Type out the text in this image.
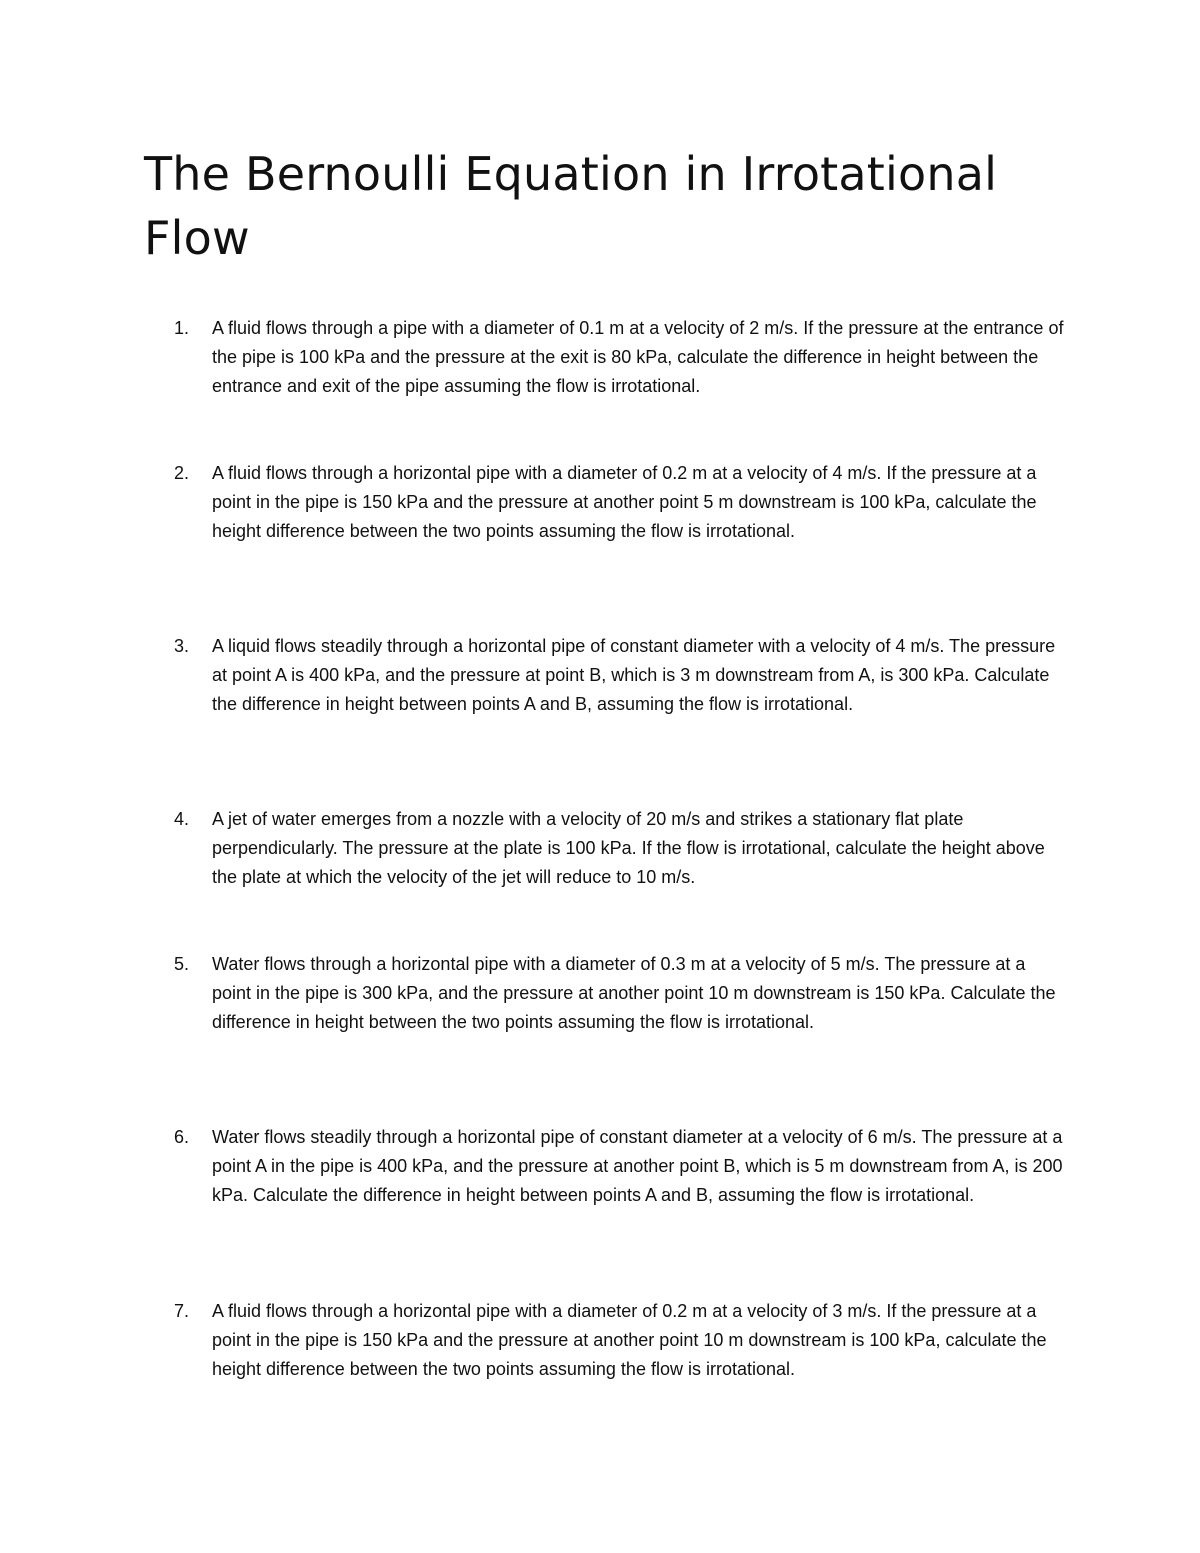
The Bernoulli Equation in Irrotational Flow
1.	A fluid flows through a pipe with a diameter of 0.1 m at a velocity of 2 m/s. If the pressure at the entrance of the pipe is 100 kPa and the pressure at the exit is 80 kPa, calculate the difference in height between the entrance and exit of the pipe assuming the flow is irrotational.
2.	A fluid flows through a horizontal pipe with a diameter of 0.2 m at a velocity of 4 m/s. If the pressure at a point in the pipe is 150 kPa and the pressure at another point 5 m downstream is 100 kPa, calculate the height difference between the two points assuming the flow is irrotational.
3.	A liquid flows steadily through a horizontal pipe of constant diameter with a velocity of 4 m/s. The pressure at point A is 400 kPa, and the pressure at point B, which is 3 m downstream from A, is 300 kPa. Calculate the difference in height between points A and B, assuming the flow is irrotational.
4.	A jet of water emerges from a nozzle with a velocity of 20 m/s and strikes a stationary flat plate perpendicularly. The pressure at the plate is 100 kPa. If the flow is irrotational, calculate the height above the plate at which the velocity of the jet will reduce to 10 m/s.
5.	Water flows through a horizontal pipe with a diameter of 0.3 m at a velocity of 5 m/s. The pressure at a point in the pipe is 300 kPa, and the pressure at another point 10 m downstream is 150 kPa. Calculate the difference in height between the two points assuming the flow is irrotational.
6.	Water flows steadily through a horizontal pipe of constant diameter at a velocity of 6 m/s. The pressure at a point A in the pipe is 400 kPa, and the pressure at another point B, which is 5 m downstream from A, is 200 kPa. Calculate the difference in height between points A and B, assuming the flow is irrotational.
7.	A fluid flows through a horizontal pipe with a diameter of 0.2 m at a velocity of 3 m/s. If the pressure at a point in the pipe is 150 kPa and the pressure at another point 10 m downstream is 100 kPa, calculate the height difference between the two points assuming the flow is irrotational.
